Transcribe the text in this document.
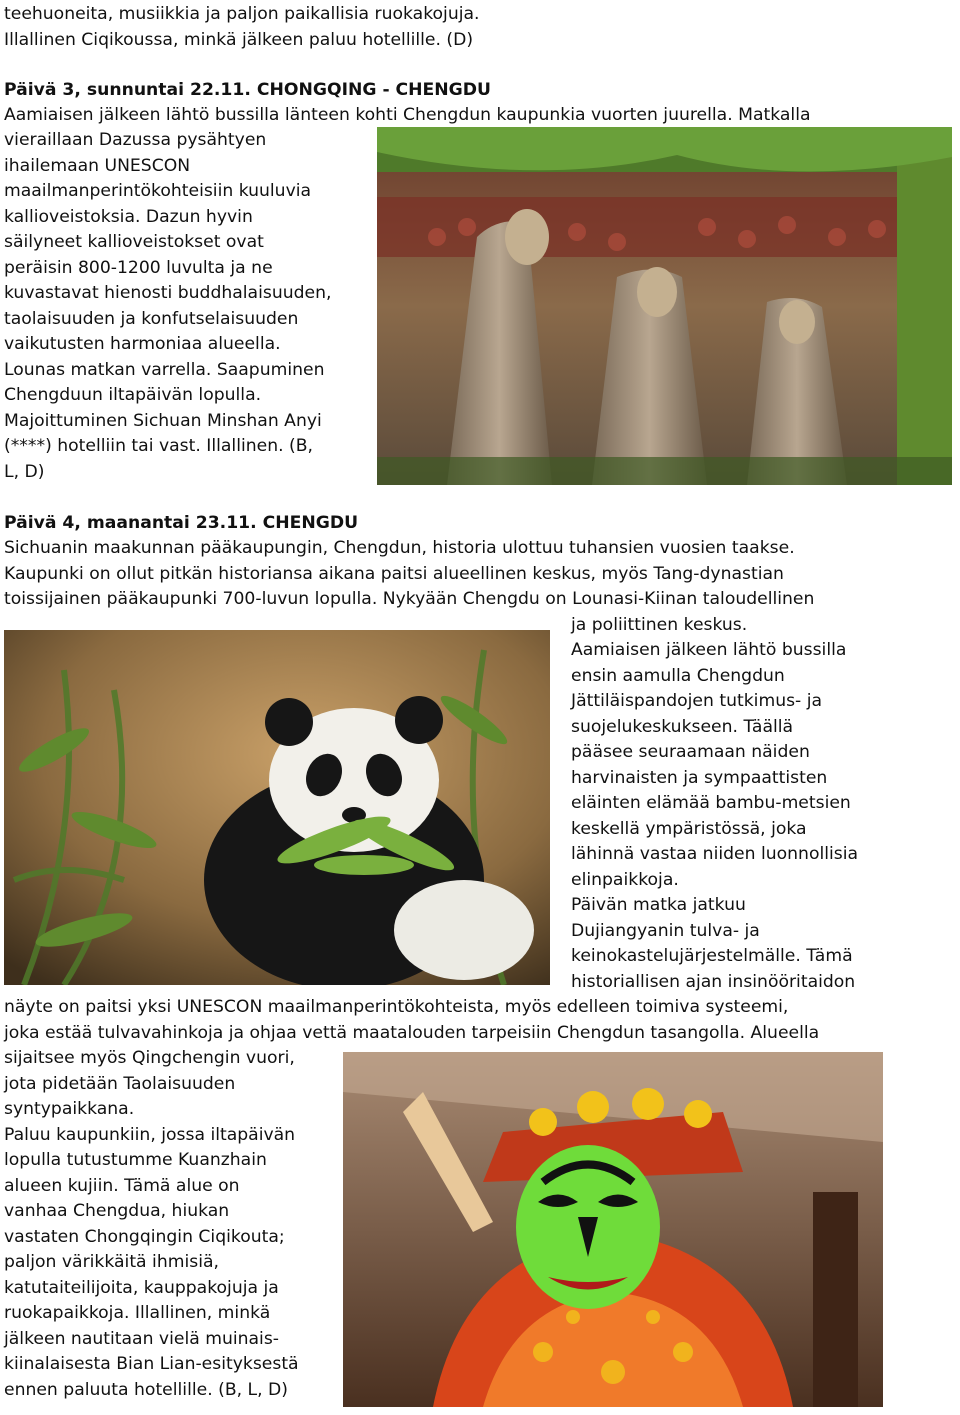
teehuoneita, musiikkia ja paljon paikallisia ruokakojuja.
Illallinen Ciqikoussa, minkä jälkeen paluu hotellille. (D)
Päivä 3, sunnuntai 22.11. CHONGQING - CHENGDU
Aamiaisen jälkeen lähtö bussilla länteen kohti Chengdun kaupunkia vuorten juurella. Matkalla
vieraillaan Dazussa pysähtyen
ihailemaan UNESCON
maailmanperintökohteisiin kuuluvia
kallioveistoksia. Dazun hyvin
säilyneet kallioveistokset ovat
peräisin 800-1200 luvulta ja ne
kuvastavat hienosti buddhalaisuuden,
taolaisuuden ja konfutselaisuuden
vaikutusten harmoniaa alueella.
Lounas matkan varrella. Saapuminen
Chengduun iltapäivän lopulla.
Majoittuminen Sichuan Minshan Anyi
(****) hotelliin tai vast. Illallinen. (B,
L, D)
Päivä 4, maanantai 23.11. CHENGDU
Sichuanin maakunnan pääkaupungin, Chengdun, historia ulottuu tuhansien vuosien taakse.
Kaupunki on ollut pitkän historiansa aikana paitsi alueellinen keskus, myös Tang-dynastian
toissijainen pääkaupunki 700-luvun lopulla. Nykyään Chengdu on Lounasi-Kiinan taloudellinen
ja poliittinen keskus.
Aamiaisen jälkeen lähtö bussilla
ensin aamulla Chengdun
Jättiläispandojen tutkimus- ja
suojelukeskukseen. Täällä
pääsee seuraamaan näiden
harvinaisten ja sympaattisten
eläinten elämää bambu-metsien
keskellä ympäristössä, joka
lähinnä vastaa niiden luonnollisia
elinpaikkoja.
Päivän matka jatkuu
Dujiangyanin tulva- ja
keinokastelujärjestelmälle. Tämä
historiallisen ajan insinööritaidon
näyte on paitsi yksi UNESCON maailmanperintökohteista, myös edelleen toimiva systeemi,
joka estää tulvavahinkoja ja ohjaa vettä maatalouden tarpeisiin Chengdun tasangolla. Alueella
sijaitsee myös Qingchengin vuori,
jota pidetään Taolaisuuden
syntypaikkana.
Paluu kaupunkiin, jossa iltapäivän
lopulla tutustumme Kuanzhain
alueen kujiin. Tämä alue on
vanhaa Chengdua, hiukan
vastaten Chongqingin Ciqikouta;
paljon värikkäitä ihmisiä,
katutaiteilijoita, kauppakojuja ja
ruokapaikkoja. Illallinen, minkä
jälkeen nautitaan vielä muinais-
kiinalaisesta Bian Lian-esityksestä
ennen paluuta hotellille. (B, L, D)
